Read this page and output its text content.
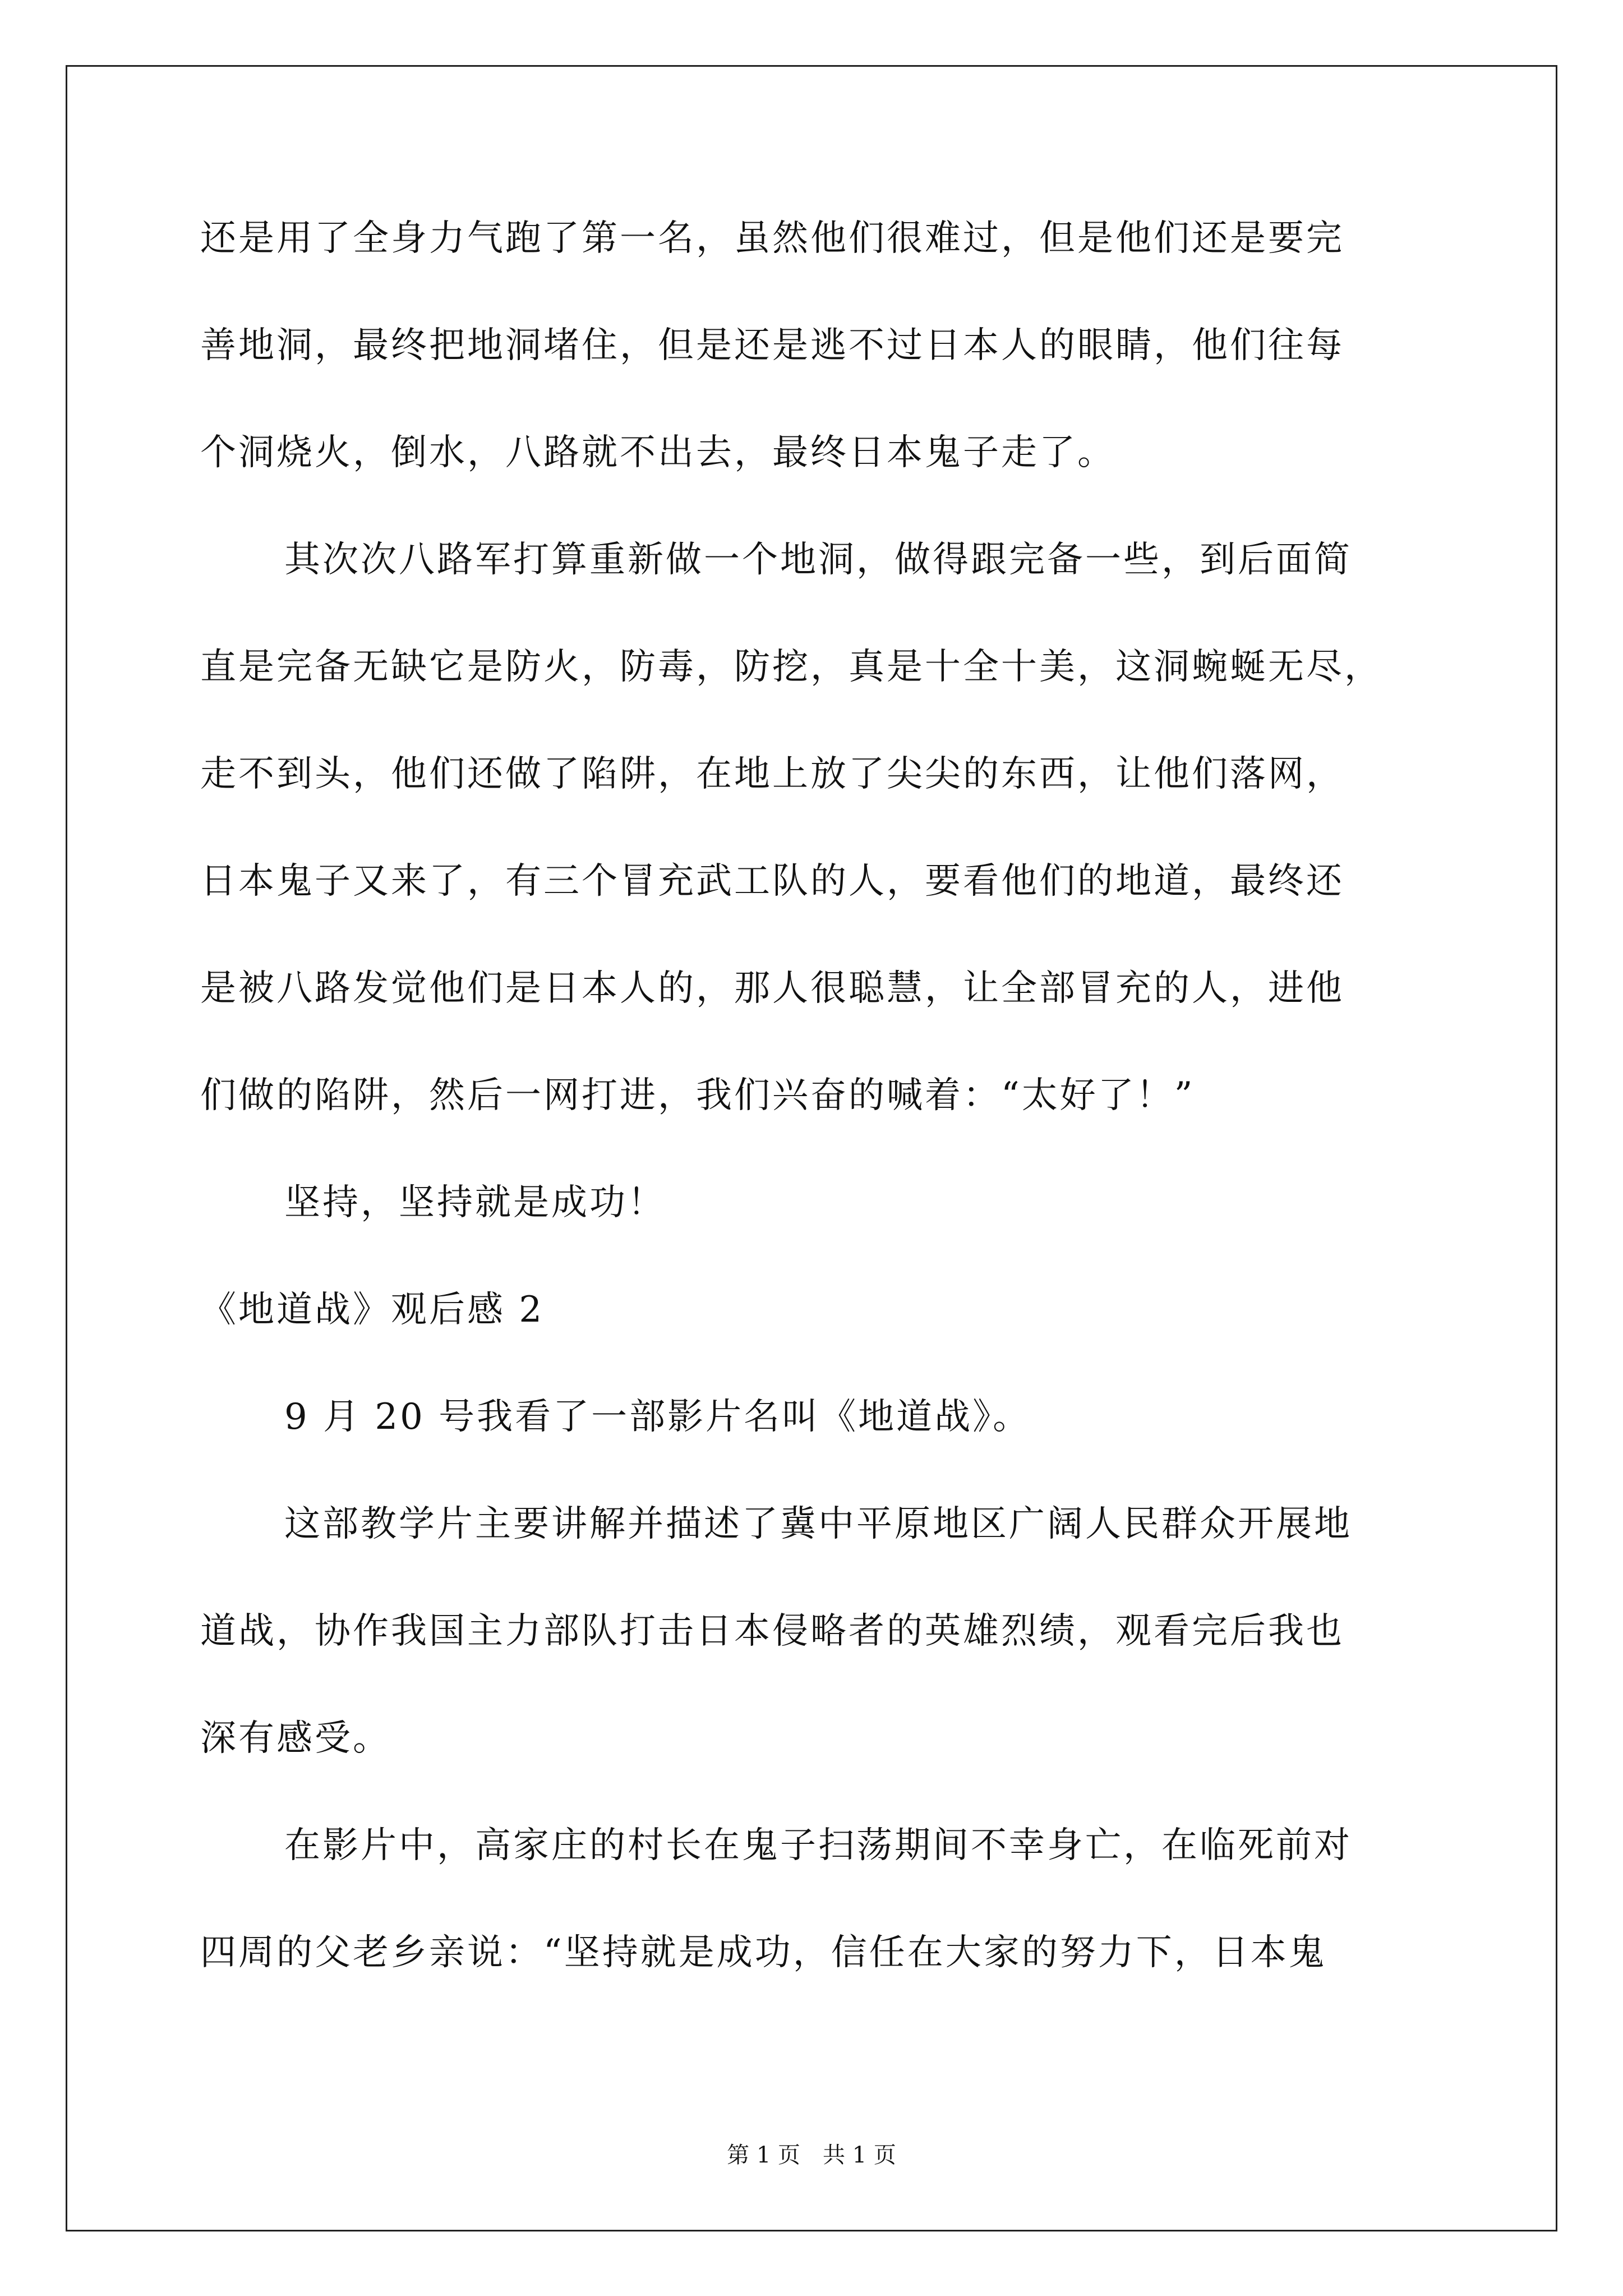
还是用了全身力气跑了第一名，虽然他们很难过，但是他们还是要完
善地洞，最终把地洞堵住，但是还是逃不过日本人的眼睛，他们往每
个洞烧火，倒水，八路就不出去，最终日本鬼子走了。
其次次八路军打算重新做一个地洞，做得跟完备一些，到后面简
直是完备无缺它是防火，防毒，防挖，真是十全十美，这洞蜿蜒无尽，
走不到头，他们还做了陷阱，在地上放了尖尖的东西，让他们落网，
日本鬼子又来了，有三个冒充武工队的人，要看他们的地道，最终还
是被八路发觉他们是日本人的，那人很聪慧，让全部冒充的人，进他
们做的陷阱，然后一网打进，我们兴奋的喊着：“太好了！”
坚持，坚持就是成功！
《地道战》观后感 2
9 月 20 号我看了一部影片名叫《地道战》。
这部教学片主要讲解并描述了冀中平原地区广阔人民群众开展地
道战，协作我国主力部队打击日本侵略者的英雄烈绩，观看完后我也
深有感受。
在影片中，高家庄的村长在鬼子扫荡期间不幸身亡，在临死前对
四周的父老乡亲说：“坚持就是成功，信任在大家的努力下，日本鬼
第 1 页　共 1 页
